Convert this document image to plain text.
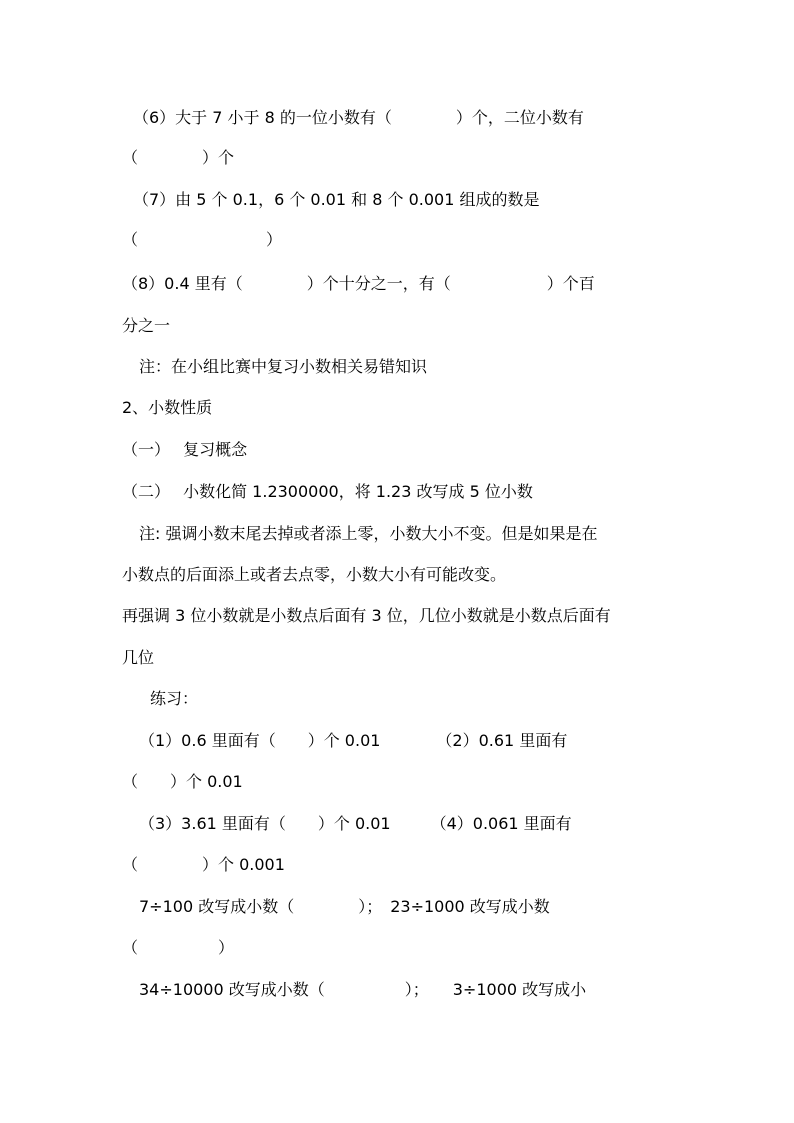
（6）大于 7 小于 8 的一位小数有（　　　　）个，二位小数有
（　　　　）个
（7）由 5 个 0.1，6 个 0.01 和 8 个 0.001 组成的数是
（　　　　　　　　）
（8）0.4 里有（　　　　）个十分之一，有（　　　　　　）个百
分之一
注：在小组比赛中复习小数相关易错知识
2、小数性质
（一）　 复习概念
（二）　 小数化简 1.2300000，将 1.23 改写成 5 位小数
注: 强调小数末尾去掉或者添上零，小数大小不变。但是如果是在
小数点的后面添上或者去点零，小数大小有可能改变。
再强调 3 位小数就是小数点后面有 3 位，几位小数就是小数点后面有
几位
练习：
（1）0.6 里面有（　　）个 0.01　　　　（2）0.61 里面有
（　　）个 0.01
（3）3.61 里面有（　　）个 0.01　　　（4）0.061 里面有
（　　　　）个 0.001
7÷100 改写成小数（　　　　）；　23÷1000 改写成小数
（　　　　　）
34÷10000 改写成小数（　　　　　）；　　3÷1000 改写成小
